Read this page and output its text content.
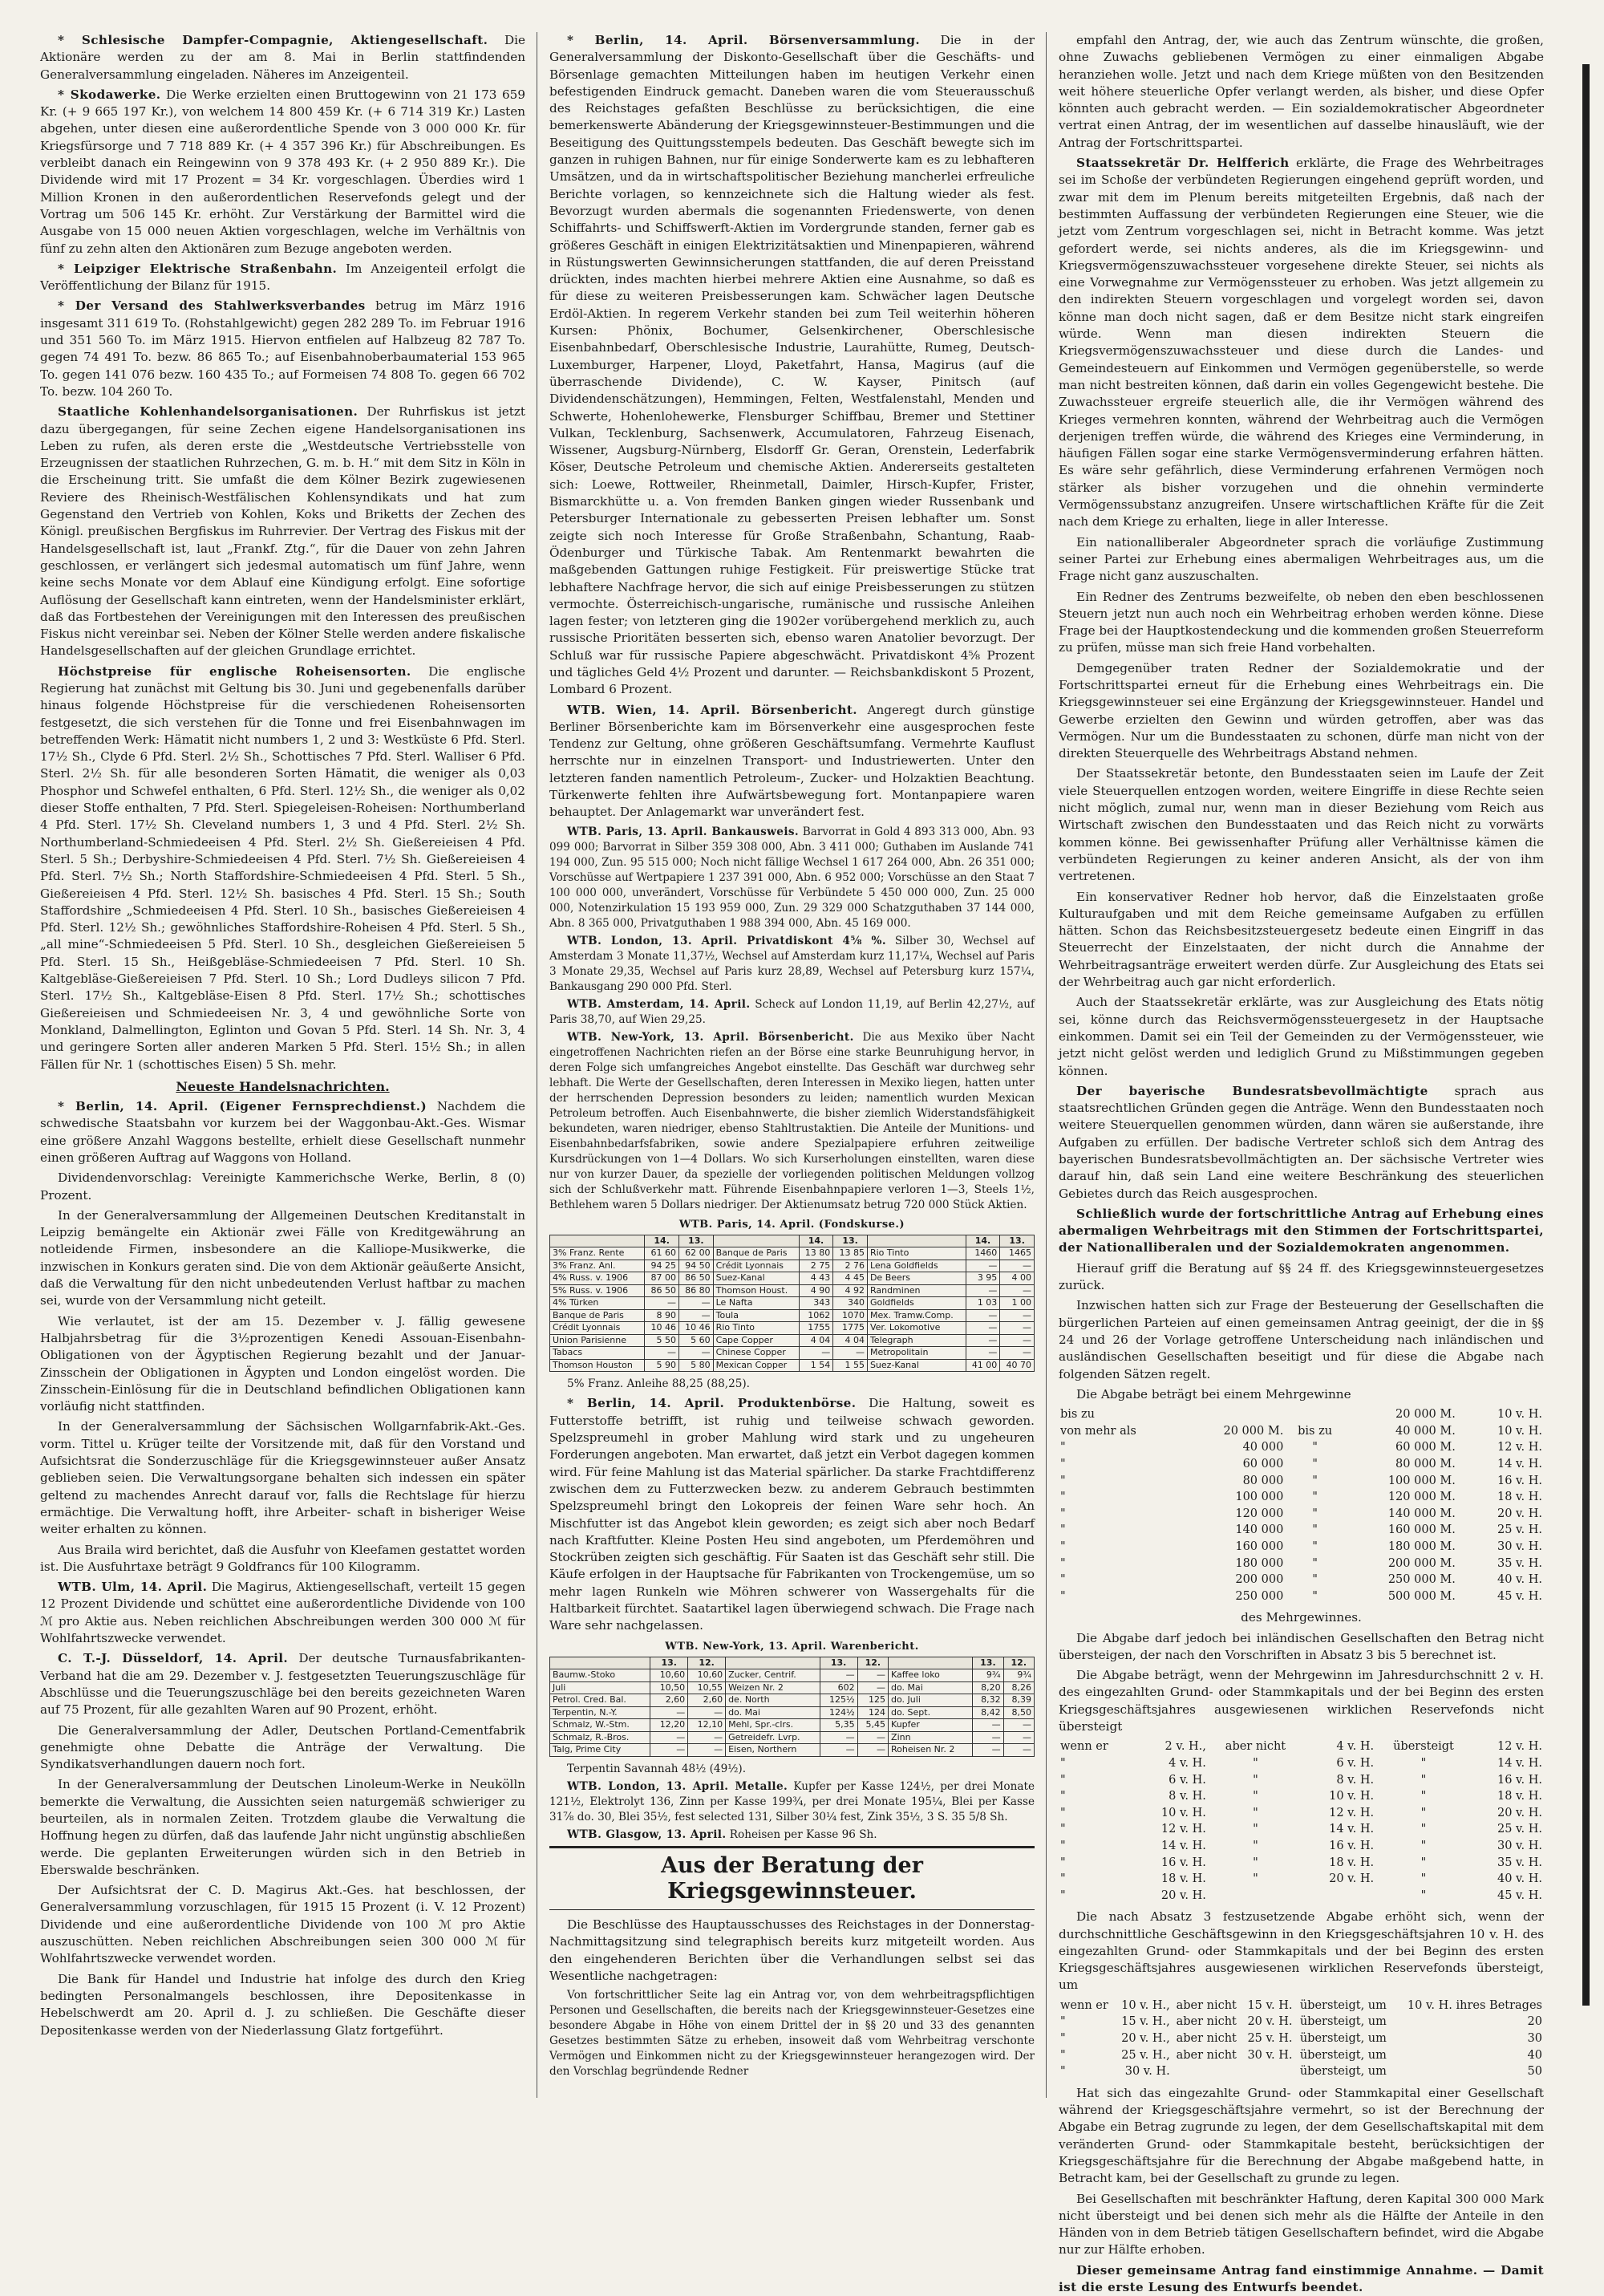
* Schlesische Dampfer-Compagnie, Aktiengesellschaft. Die Aktionäre werden zu der am 8. Mai in Berlin stattfindenden Generalversammlung eingeladen. Näheres im Anzeigenteil.

* Skodawerke. Die Werke erzielten einen Bruttogewinn von 21 173 659 Kr. (+ 9 665 197 Kr.), von welchem 14 800 459 Kr. (+ 6 714 319 Kr.) Lasten abgehen, unter diesen eine außerordentliche Spende von 3 000 000 Kr. für Kriegsfürsorge und 7 718 889 Kr. (+ 4 357 396 Kr.) für Abschreibungen. Es verbleibt danach ein Reingewinn von 9 378 493 Kr. (+ 2 950 889 Kr.). Die Dividende wird mit 17 Prozent = 34 Kr. vorgeschlagen. Überdies wird 1 Million Kronen in den außerordentlichen Reservefonds gelegt und der Vortrag um 506 145 Kr. erhöht. Zur Verstärkung der Barmittel wird die Ausgabe von 15 000 neuen Aktien vorgeschlagen, welche im Verhältnis von fünf zu zehn alten den Aktionären zum Bezuge angeboten werden.

* Leipziger Elektrische Straßenbahn. Im Anzeigenteil erfolgt die Veröffentlichung der Bilanz für 1915.

* Der Versand des Stahlwerksverbandes betrug im März 1916 insgesamt 311 619 To. (Rohstahlgewicht) gegen 282 289 To. im Februar 1916 und 351 560 To. im März 1915. Hiervon entfielen auf Halbzeug 82 787 To. gegen 74 491 To. bezw. 86 865 To.; auf Eisenbahnoberbaumaterial 153 965 To. gegen 141 076 bezw. 160 435 To.; auf Formeisen 74 808 To. gegen 66 702 To. bezw. 104 260 To.

Staatliche Kohlenhandelsorganisationen. Der Ruhrfiskus ist jetzt dazu übergegangen, für seine Zechen eigene Handelsorganisationen ins Leben zu rufen, als deren erste die „Westdeutsche Vertriebsstelle von Erzeugnissen der staatlichen Ruhrzechen, G. m. b. H.“ mit dem Sitz in Köln in die Erscheinung tritt. Sie umfaßt die dem Kölner Bezirk zugewiesenen Reviere des Rheinisch-Westfälischen Kohlensyndikats und hat zum Gegenstand den Vertrieb von Kohlen, Koks und Briketts der Zechen des Königl. preußischen Bergfiskus im Ruhrrevier. Der Vertrag des Fiskus mit der Handelsgesellschaft ist, laut „Frankf. Ztg.“, für die Dauer von zehn Jahren geschlossen, er verlängert sich jedesmal automatisch um fünf Jahre, wenn keine sechs Monate vor dem Ablauf eine Kündigung erfolgt. Eine sofortige Auflösung der Gesellschaft kann eintreten, wenn der Handelsminister erklärt, daß das Fortbestehen der Vereinigungen mit den Interessen des preußischen Fiskus nicht vereinbar sei. Neben der Kölner Stelle werden andere fiskalische Handelsgesellschaften auf der gleichen Grundlage errichtet.

Höchstpreise für englische Roheisensorten. Die englische Regierung hat zunächst mit Geltung bis 30. Juni und gegebenenfalls darüber hinaus folgende Höchstpreise für die verschiedenen Roheisensorten festgesetzt, die sich verstehen für die Tonne und frei Eisenbahnwagen im betreffenden Werk: Hämatit nicht numbers 1, 2 und 3: Westküste 6 Pfd. Sterl. 17½ Sh., Clyde 6 Pfd. Sterl. 2½ Sh., Schottisches 7 Pfd. Sterl. Walliser 6 Pfd. Sterl. 2½ Sh. für alle besonderen Sorten Hämatit, die weniger als 0,03 Phosphor und Schwefel enthalten, 6 Pfd. Sterl. 12½ Sh., die weniger als 0,02 dieser Stoffe enthalten, 7 Pfd. Sterl. Spiegeleisen-Roheisen: Northumberland 4 Pfd. Sterl. 17½ Sh. Cleveland numbers 1, 3 und 4 Pfd. Sterl. 2½ Sh. Northumberland-Schmiedeeisen 4 Pfd. Sterl. 2½ Sh. Gießereieisen 4 Pfd. Sterl. 5 Sh.; Derbyshire-Schmiedeeisen 4 Pfd. Sterl. 7½ Sh. Gießereieisen 4 Pfd. Sterl. 7½ Sh.; North Staffordshire-Schmiedeeisen 4 Pfd. Sterl. 5 Sh., Gießereieisen 4 Pfd. Sterl. 12½ Sh. basisches 4 Pfd. Sterl. 15 Sh.; South Staffordshire „Schmiedeeisen 4 Pfd. Sterl. 10 Sh., basisches Gießereieisen 4 Pfd. Sterl. 12½ Sh.; gewöhnliches Staffordshire-Roheisen 4 Pfd. Sterl. 5 Sh., „all mine“-Schmiedeeisen 5 Pfd. Sterl. 10 Sh., desgleichen Gießereieisen 5 Pfd. Sterl. 15 Sh., Heißgebläse-Schmiedeeisen 7 Pfd. Sterl. 10 Sh. Kaltgebläse-Gießereieisen 7 Pfd. Sterl. 10 Sh.; Lord Dudleys silicon 7 Pfd. Sterl. 17½ Sh., Kaltgebläse-Eisen 8 Pfd. Sterl. 17½ Sh.; schottisches Gießereieisen und Schmiedeeisen Nr. 3, 4 und gewöhnliche Sorte von Monkland, Dalmellington, Eglinton und Govan 5 Pfd. Sterl. 14 Sh. Nr. 3, 4 und geringere Sorten aller anderen Marken 5 Pfd. Sterl. 15½ Sh.; in allen Fällen für Nr. 1 (schottisches Eisen) 5 Sh. mehr.

Neueste Handelsnachrichten.

* Berlin, 14. April. (Eigener Fernsprechdienst.) Nachdem die schwedische Staatsbahn vor kurzem bei der Waggonbau-Akt.-Ges. Wismar eine größere Anzahl Waggons bestellte, erhielt diese Gesellschaft nunmehr einen größeren Auftrag auf Waggons von Holland.

Dividendenvorschlag: Vereinigte Kammerichsche Werke, Berlin, 8 (0) Prozent.

In der Generalversammlung der Allgemeinen Deutschen Kreditanstalt in Leipzig bemängelte ein Aktionär zwei Fälle von Kreditgewährung an notleidende Firmen, insbesondere an die Kalliope-Musikwerke, die inzwischen in Konkurs geraten sind. Die von dem Aktionär geäußerte Ansicht, daß die Verwaltung für den nicht unbedeutenden Verlust haftbar zu machen sei, wurde von der Versammlung nicht geteilt.

Wie verlautet, ist der am 15. Dezember v. J. fällig gewesene Halbjahrsbetrag für die 3½prozentigen Kenedi Assouan-Eisenbahn-Obligationen von der Ägyptischen Regierung bezahlt und der Januar-Zinsschein der Obligationen in Ägypten und London eingelöst worden. Die Zinsschein-Einlösung für die in Deutschland befindlichen Obligationen kann vorläufig nicht stattfinden.

In der Generalversammlung der Sächsischen Wollgarnfabrik-Akt.-Ges. vorm. Tittel u. Krüger teilte der Vorsitzende mit, daß für den Vorstand und Aufsichtsrat die Sonderzuschläge für die Kriegsgewinnsteuer außer Ansatz geblieben seien. Die Verwaltungsorgane behalten sich indessen ein später geltend zu machendes Anrecht darauf vor, falls die Rechtslage für hierzu ermächtige. Die Verwaltung hofft, ihre Arbeiter- schaft in bisheriger Weise weiter erhalten zu können.

Aus Braila wird berichtet, daß die Ausfuhr von Kleefamen gestattet worden ist. Die Ausfuhrtaxe beträgt 9 Goldfrancs für 100 Kilogramm.

WTB. Ulm, 14. April. Die Magirus, Aktiengesellschaft, verteilt 15 gegen 12 Prozent Dividende und schüttet eine außerordentliche Dividende von 100 ℳ pro Aktie aus. Neben reichlichen Abschreibungen werden 300 000 ℳ für Wohlfahrtszwecke verwendet.

C. T.-J. Düsseldorf, 14. April. Der deutsche Turnausfabrikanten-Verband hat die am 29. Dezember v. J. festgesetzten Teuerungszuschläge für Abschlüsse und die Teuerungszuschläge bei den bereits gezeichneten Waren auf 75 Prozent, für alle gezahlten Waren auf 90 Prozent, erhöht.

Die Generalversammlung der Adler, Deutschen Portland-Cementfabrik genehmigte ohne Debatte die Anträge der Verwaltung. Die Syndikatsverhandlungen dauern noch fort.

In der Generalversammlung der Deutschen Linoleum-Werke in Neukölln bemerkte die Verwaltung, die Aussichten seien naturgemäß schwieriger zu beurteilen, als in normalen Zeiten. Trotzdem glaube die Verwaltung die Hoffnung hegen zu dürfen, daß das laufende Jahr nicht ungünstig abschließen werde. Die geplanten Erweiterungen würden sich in den Betrieb in Eberswalde beschränken.

Der Aufsichtsrat der C. D. Magirus Akt.-Ges. hat beschlossen, der Generalversammlung vorzuschlagen, für 1915 15 Prozent (i. V. 12 Prozent) Dividende und eine außerordentliche Dividende von 100 ℳ pro Aktie auszuschütten. Neben reichlichen Abschreibungen seien 300 000 ℳ für Wohlfahrtszwecke verwendet worden.

Die Bank für Handel und Industrie hat infolge des durch den Krieg bedingten Personalmangels beschlossen, ihre Depositenkasse in Hebelschwerdt am 20. April d. J. zu schließen. Die Geschäfte dieser Depositenkasse werden von der Niederlassung Glatz fortgeführt.

* Berlin, 14. April. Börsenversammlung. Die in der Generalversammlung der Diskonto-Gesellschaft über die Geschäfts- und Börsenlage gemachten Mitteilungen haben im heutigen Verkehr einen befestigenden Eindruck gemacht. Daneben waren die vom Steuerausschuß des Reichstages gefaßten Beschlüsse zu berücksichtigen, die eine bemerkenswerte Abänderung der Kriegsgewinnsteuer-Bestimmungen und die Beseitigung des Quittungsstempels bedeuten. Das Geschäft bewegte sich im ganzen in ruhigen Bahnen, nur für einige Sonderwerte kam es zu lebhafteren Umsätzen, und da in wirtschaftspolitischer Beziehung mancherlei erfreuliche Berichte vorlagen, so kennzeichnete sich die Haltung wieder als fest. Bevorzugt wurden abermals die sogenannten Friedenswerte, von denen Schiffahrts- und Schiffswerft-Aktien im Vordergrunde standen, ferner gab es größeres Geschäft in einigen Elektrizitätsaktien und Minenpapieren, während in Rüstungswerten Gewinnsicherungen stattfanden, die auf deren Preisstand drückten, indes machten hierbei mehrere Aktien eine Ausnahme, so daß es für diese zu weiteren Preisbesserungen kam. Schwächer lagen Deutsche Erdöl-Aktien. In regerem Verkehr standen bei zum Teil weiterhin höheren Kursen: Phönix, Bochumer, Gelsenkirchener, Oberschlesische Eisenbahnbedarf, Oberschlesische Industrie, Laurahütte, Rumeg, Deutsch-Luxemburger, Harpener, Lloyd, Paketfahrt, Hansa, Magirus (auf die überraschende Dividende), C. W. Kayser, Pinitsch (auf Dividendenschätzungen), Hemmingen, Felten, Westfalenstahl, Menden und Schwerte, Hohenlohewerke, Flensburger Schiffbau, Bremer und Stettiner Vulkan, Tecklenburg, Sachsenwerk, Accumulatoren, Fahrzeug Eisenach, Wissener, Augsburg-Nürnberg, Elsdorff Gr. Geran, Orenstein, Lederfabrik Köser, Deutsche Petroleum und chemische Aktien. Andererseits gestalteten sich: Loewe, Rottweiler, Rheinmetall, Daimler, Hirsch-Kupfer, Frister, Bismarckhütte u. a. Von fremden Banken gingen wieder Russenbank und Petersburger Internationale zu gebesserten Preisen lebhafter um. Sonst zeigte sich noch Interesse für Große Straßenbahn, Schantung, Raab-Ödenburger und Türkische Tabak. Am Rentenmarkt bewahrten die maßgebenden Gattungen ruhige Festigkeit. Für preiswertige Stücke trat lebhaftere Nachfrage hervor, die sich auf einige Preisbesserungen zu stützen vermochte. Österreichisch-ungarische, rumänische und russische Anleihen lagen fester; von letzteren ging die 1902er vorübergehend merklich zu, auch russische Prioritäten besserten sich, ebenso waren Anatolier bevorzugt. Der Schluß war für russische Papiere abgeschwächt. Privatdiskont 4⅝ Prozent und tägliches Geld 4½ Prozent und darunter. — Reichsbankdiskont 5 Prozent, Lombard 6 Prozent.

WTB. Wien, 14. April. Börsenbericht. Angeregt durch günstige Berliner Börsenberichte kam im Börsenverkehr eine ausgesprochen feste Tendenz zur Geltung, ohne größeren Geschäftsumfang. Vermehrte Kauflust herrschte nur in einzelnen Transport- und Industriewerten. Unter den letzteren fanden namentlich Petroleum-, Zucker- und Holzaktien Beachtung. Türkenwerte fehlten ihre Aufwärtsbewegung fort. Montanpapiere waren behauptet. Der Anlagemarkt war unverändert fest.

WTB. Paris, 13. April. Bankausweis. Barvorrat in Gold 4 893 313 000, Abn. 93 099 000; Barvorrat in Silber 359 308 000, Abn. 3 411 000; Guthaben im Auslande 741 194 000, Zun. 95 515 000; Noch nicht fällige Wechsel 1 617 264 000, Abn. 26 351 000; Vorschüsse auf Wertpapiere 1 237 391 000, Abn. 6 952 000; Vorschüsse an den Staat 7 100 000 000, unverändert, Vorschüsse für Verbündete 5 450 000 000, Zun. 25 000 000, Notenzirkulation 15 193 959 000, Zun. 29 329 000 Schatzguthaben 37 144 000, Abn. 8 365 000, Privatguthaben 1 988 394 000, Abn. 45 169 000.

WTB. London, 13. April. Privatdiskont 4⅝ %. Silber 30, Wechsel auf Amsterdam 3 Monate 11,37½, Wechsel auf Amsterdam kurz 11,17¼, Wechsel auf Paris 3 Monate 29,35, Wechsel auf Paris kurz 28,89, Wechsel auf Petersburg kurz 157¼, Bankausgang 290 000 Pfd. Sterl.

WTB. Amsterdam, 14. April. Scheck auf London 11,19, auf Berlin 42,27½, auf Paris 38,70, auf Wien 29,25.

WTB. New-York, 13. April. Börsenbericht. Die aus Mexiko über Nacht eingetroffenen Nachrichten riefen an der Börse eine starke Beunruhigung hervor, in deren Folge sich umfangreiches Angebot einstellte. Das Geschäft war durchweg sehr lebhaft. Die Werte der Gesellschaften, deren Interessen in Mexiko liegen, hatten unter der herrschenden Depression besonders zu leiden; namentlich wurden Mexican Petroleum betroffen. Auch Eisenbahnwerte, die bisher ziemlich Widerstandsfähigkeit bekundeten, waren niedriger, ebenso Stahltrustaktien. Die Anteile der Munitions- und Eisenbahnbedarfsfabriken, sowie andere Spezialpapiere erfuhren zeitweilige Kursdrückungen von 1—4 Dollars. Wo sich Kurserholungen einstellten, waren diese nur von kurzer Dauer, da spezielle der vorliegenden politischen Meldungen vollzog sich der Schlußverkehr matt. Führende Eisenbahnpapiere verloren 1—3, Steels 1½, Bethlehem waren 5 Dollars niedriger. Der Aktienumsatz betrug 720 000 Stück Aktien.

WTB. Paris, 14. April. (Fondskurse.)
	14.	13.		14.	13.		14.	13.
3% Franz. Rente	61 60	62 00	Banque de Paris	13 80	13 85	Rio Tinto	1460	1465
3% Franz. Anl.	94 25	94 50	Crédit Lyonnais	2 75	2 76	Lena Goldfields	—	—
4% Russ. v. 1906	87 00	86 50	Suez-Kanal	4 43	4 45	De Beers	3 95	4 00
5% Russ. v. 1906	86 50	86 80	Thomson Houst.	4 90	4 92	Randminen	—	—
4% Türken	—	—	Le Nafta	343	340	Goldfields	1 03	1 00
Banque de Paris	8 90	—	Toula	1062	1070	Mex. Tramw.Comp.	—	—
Crédit Lyonnais	10 46	10 46	Rio Tinto	1755	1775	Ver. Lokomotive	—	—
Union Parisienne	5 50	5 60	Cape Copper	4 04	4 04	Telegraph	—	—
Tabacs	—	—	Chinese Copper	—	—	Metropolitain	—	—
Thomson Houston	5 90	5 80	Mexican Copper	1 54	1 55	Suez-Kanal	41 00	40 70

5% Franz. Anleihe 88,25 (88,25).

* Berlin, 14. April. Produktenbörse. Die Haltung, soweit es Futterstoffe betrifft, ist ruhig und teilweise schwach geworden. Spelzspreumehl in grober Mahlung wird stark und zu ungeheuren Forderungen angeboten. Man erwartet, daß jetzt ein Verbot dagegen kommen wird. Für feine Mahlung ist das Material spärlicher. Da starke Frachtdifferenz zwischen dem zu Futterzwecken bezw. zu anderem Gebrauch bestimmten Spelzspreumehl bringt den Lokopreis der feinen Ware sehr hoch. An Mischfutter ist das Angebot klein geworden; es zeigt sich aber noch Bedarf nach Kraftfutter. Kleine Posten Heu sind angeboten, um Pferdemöhren und Stockrüben zeigten sich geschäftig. Für Saaten ist das Geschäft sehr still. Die Käufe erfolgen in der Hauptsache für Fabrikanten von Trockengemüse, um so mehr lagen Runkeln wie Möhren schwerer von Wassergehalts für die Haltbarkeit fürchtet. Saatartikel lagen überwiegend schwach. Die Frage nach Ware sehr nachgelassen.

WTB. New-York, 13. April. Warenbericht.
	13.	12.		13.	12.		13.	12.
Baumw.-Stoko	10,60	10,60	Zucker, Centrif.	—	—	Kaffee loko	9¾	9¾
Juli	10,50	10,55	Weizen Nr. 2	602	—	do. Mai	8,20	8,26
Petrol. Cred. Bal.	2,60	2,60	de. North	125½	125	do. Juli	8,32	8,39
Terpentin, N.-Y.	—	—	do. Mai	124½	124	do. Sept.	8,42	8,50
Schmalz, W.-Stm.	12,20	12,10	Mehl, Spr.-clrs.	5,35	5,45	Kupfer	—	—
Schmalz, R.-Bros.	—	—	Getreidefr. Lvrp.	—	—	Zinn	—	—
Talg, Prime City	—	—	Eisen, Northern	—	—	Roheisen Nr. 2	—	—

Terpentin Savannah 48½ (49½).

WTB. London, 13. April. Metalle. Kupfer per Kasse 124½, per drei Monate 121½, Elektrolyt 136, Zinn per Kasse 199¾, per drei Monate 195¼, Blei per Kasse 31⅞ do. 30, Blei 35½, fest selected 131, Silber 30¼ fest, Zink 35½, 3 S. 35 5/8 Sh.

WTB. Glasgow, 13. April. Roheisen per Kasse 96 Sh.

Aus der Beratung der Kriegsgewinnsteuer.

Die Beschlüsse des Hauptausschusses des Reichstages in der Donnerstag-Nachmittagsitzung sind telegraphisch bereits kurz mitgeteilt worden. Aus den eingehenderen Berichten über die Verhandlungen selbst sei das Wesentliche nachgetragen:

Von fortschrittlicher Seite lag ein Antrag vor, von dem wehrbeitragspflichtigen Personen und Gesellschaften, die bereits nach der Kriegsgewinnsteuer-Gesetzes eine besondere Abgabe in Höhe von einem Drittel der in §§ 20 und 33 des genannten Gesetzes bestimmten Sätze zu erheben, insoweit daß vom Wehrbeitrag verschonte Vermögen und Einkommen nicht zu der Kriegsgewinnsteuer herangezogen wird. Der den Vorschlag begründende Redner

empfahl den Antrag, der, wie auch das Zentrum wünschte, die großen, ohne Zuwachs gebliebenen Vermögen zu einer einmaligen Abgabe heranziehen wolle. Jetzt und nach dem Kriege müßten von den Besitzenden weit höhere steuerliche Opfer verlangt werden, als bisher, und diese Opfer könnten auch gebracht werden. — Ein sozialdemokratischer Abgeordneter vertrat einen Antrag, der im wesentlichen auf dasselbe hinausläuft, wie der Antrag der Fortschrittspartei.

Staatssekretär Dr. Helfferich erklärte, die Frage des Wehrbeitrages sei im Schoße der verbündeten Regierungen eingehend geprüft worden, und zwar mit dem im Plenum bereits mitgeteilten Ergebnis, daß nach der bestimmten Auffassung der verbündeten Regierungen eine Steuer, wie die jetzt vom Zentrum vorgeschlagen sei, nicht in Betracht komme. Was jetzt gefordert werde, sei nichts anderes, als die im Kriegsgewinn- und Kriegsvermögenszuwachssteuer vorgesehene direkte Steuer, sei nichts als eine Vorwegnahme zur Vermögenssteuer zu erhoben. Was jetzt allgemein zu den indirekten Steuern vorgeschlagen und vorgelegt worden sei, davon könne man doch nicht sagen, daß er dem Besitze nicht stark eingreifen würde. Wenn man diesen indirekten Steuern die Kriegsvermögenszuwachssteuer und diese durch die Landes- und Gemeindesteuern auf Einkommen und Vermögen gegenüberstelle, so werde man nicht bestreiten können, daß darin ein volles Gegengewicht bestehe. Die Zuwachssteuer ergreife steuerlich alle, die ihr Vermögen während des Krieges vermehren konnten, während der Wehrbeitrag auch die Vermögen derjenigen treffen würde, die während des Krieges eine Verminderung, in häufigen Fällen sogar eine starke Vermögensverminderung erfahren hätten. Es wäre sehr gefährlich, diese Verminderung erfahrenen Vermögen noch stärker als bisher vorzugehen und die ohnehin verminderte Vermögenssubstanz anzugreifen. Unsere wirtschaftlichen Kräfte für die Zeit nach dem Kriege zu erhalten, liege in aller Interesse.

Ein nationalliberaler Abgeordneter sprach die vorläufige Zustimmung seiner Partei zur Erhebung eines abermaligen Wehrbeitrages aus, um die Frage nicht ganz auszuschalten.

Ein Redner des Zentrums bezweifelte, ob neben den eben beschlossenen Steuern jetzt nun auch noch ein Wehrbeitrag erhoben werden könne. Diese Frage bei der Hauptkostendeckung und die kommenden großen Steuerreform zu prüfen, müsse man sich freie Hand vorbehalten.

Demgegenüber traten Redner der Sozialdemokratie und der Fortschrittspartei erneut für die Erhebung eines Wehrbeitrags ein. Die Kriegsgewinnsteuer sei eine Ergänzung der Kriegsgewinnsteuer. Handel und Gewerbe erzielten den Gewinn und würden getroffen, aber was das Vermögen. Nur um die Bundesstaaten zu schonen, dürfe man nicht von der direkten Steuerquelle des Wehrbeitrags Abstand nehmen.

Der Staatssekretär betonte, den Bundesstaaten seien im Laufe der Zeit viele Steuerquellen entzogen worden, weitere Eingriffe in diese Rechte seien nicht möglich, zumal nur, wenn man in dieser Beziehung vom Reich aus Wirtschaft zwischen den Bundesstaaten und das Reich nicht zu vorwärts kommen könne. Bei gewissenhafter Prüfung aller Verhältnisse kämen die verbündeten Regierungen zu keiner anderen Ansicht, als der von ihm vertretenen.

Ein konservativer Redner hob hervor, daß die Einzelstaaten große Kulturaufgaben und mit dem Reiche gemeinsame Aufgaben zu erfüllen hätten. Schon das Reichsbesitzsteuergesetz bedeute einen Eingriff in das Steuerrecht der Einzelstaaten, der nicht durch die Annahme der Wehrbeitragsanträge erweitert werden dürfe. Zur Ausgleichung des Etats sei der Wehrbeitrag auch gar nicht erforderlich.

Auch der Staatssekretär erklärte, was zur Ausgleichung des Etats nötig sei, könne durch das Reichsvermögenssteuergesetz in der Hauptsache einkommen. Damit sei ein Teil der Gemeinden zu der Vermögenssteuer, wie jetzt nicht gelöst werden und lediglich Grund zu Mißstimmungen gegeben können.

Der bayerische Bundesratsbevollmächtigte sprach aus staatsrechtlichen Gründen gegen die Anträge. Wenn den Bundesstaaten noch weitere Steuerquellen genommen würden, dann wären sie außerstande, ihre Aufgaben zu erfüllen. Der badische Vertreter schloß sich dem Antrag des bayerischen Bundesratsbevollmächtigten an. Der sächsische Vertreter wies darauf hin, daß sein Land eine weitere Beschränkung des steuerlichen Gebietes durch das Reich ausgesprochen.

Schließlich wurde der fortschrittliche Antrag auf Erhebung eines abermaligen Wehrbeitrags mit den Stimmen der Fortschrittspartei, der Nationalliberalen und der Sozialdemokraten angenommen.

Hierauf griff die Beratung auf §§ 24 ff. des Kriegsgewinnsteuergesetzes zurück.

Inzwischen hatten sich zur Frage der Besteuerung der Gesellschaften die bürgerlichen Parteien auf einen gemeinsamen Antrag geeinigt, der die in §§ 24 und 26 der Vorlage getroffene Unterscheidung nach inländischen und ausländischen Gesellschaften beseitigt und für diese die Abgabe nach folgenden Sätzen regelt.

Die Abgabe beträgt bei einem Mehrgewinne

bis zu			20 000 M.			10 v. H.
von mehr als	20 000 M.	bis zu	40 000 M.			10 v. H.
"	40 000	"	60 000 M.			12 v. H.
"	60 000	"	80 000 M.			14 v. H.
"	80 000	"	100 000 M.			16 v. H.
"	100 000	"	120 000 M.			18 v. H.
"	120 000	"	140 000 M.			20 v. H.
"	140 000	"	160 000 M.			25 v. H.
"	160 000	"	180 000 M.			30 v. H.
"	180 000	"	200 000 M.			35 v. H.
"	200 000	"	250 000 M.			40 v. H.
"	250 000	"	500 000 M.			45 v. H.

des Mehrgewinnes.

Die Abgabe darf jedoch bei inländischen Gesellschaften den Betrag nicht übersteigen, der nach den Vorschriften in Absatz 3 bis 5 berechnet ist.

Die Abgabe beträgt, wenn der Mehrgewinn im Jahresdurchschnitt 2 v. H. des eingezahlten Grund- oder Stammkapitals und der bei Beginn des ersten Kriegsgeschäftsjahres ausgewiesenen wirklichen Reservefonds nicht übersteigt

wenn er	2 v. H.,	aber nicht	4 v. H.	übersteigt	12 v. H.
"	4 v. H.	"	6 v. H.	"	14 v. H.
"	6 v. H.	"	8 v. H.	"	16 v. H.
"	8 v. H.	"	10 v. H.	"	18 v. H.
"	10 v. H.	"	12 v. H.	"	20 v. H.
"	12 v. H.	"	14 v. H.	"	25 v. H.
"	14 v. H.	"	16 v. H.	"	30 v. H.
"	16 v. H.	"	18 v. H.	"	35 v. H.
"	18 v. H.	"	20 v. H.	"	40 v. H.
"	20 v. H.			"	45 v. H.

Die nach Absatz 3 festzusetzende Abgabe erhöht sich, wenn der durchschnittliche Geschäftsgewinn in den Kriegsgeschäftsjahren 10 v. H. des eingezahlten Grund- oder Stammkapitals und der bei Beginn des ersten Kriegsgeschäftsjahres ausgewiesenen wirklichen Reservefonds übersteigt, um

wenn er	10 v. H.,	aber nicht	15 v. H.	übersteigt, um	10 v. H. ihres Betrages
"	15 v. H.,	aber nicht	20 v. H.	übersteigt, um	20
"	20 v. H.,	aber nicht	25 v. H.	übersteigt, um	30
"	25 v. H.,	aber nicht	30 v. H.	übersteigt, um	40
"	30 v. H.			übersteigt, um	50

Hat sich das eingezahlte Grund- oder Stammkapital einer Gesellschaft während der Kriegsgeschäftsjahre vermehrt, so ist der Berechnung der Abgabe ein Betrag zugrunde zu legen, der dem Gesellschaftskapital mit dem veränderten Grund- oder Stammkapitale besteht, berücksichtigen der Kriegsgeschäftsjahre für die Berechnung der Abgabe maßgebend hatte, in Betracht kam, bei der Gesellschaft zu grunde zu legen.

Bei Gesellschaften mit beschränkter Haftung, deren Kapital 300 000 Mark nicht übersteigt und bei denen sich mehr als die Hälfte der Anteile in den Händen von in dem Betrieb tätigen Gesellschaftern befindet, wird die Abgabe nur zur Hälfte erhoben.

Dieser gemeinsame Antrag fand einstimmige Annahme. — Damit ist die erste Lesung des Entwurfs beendet.
